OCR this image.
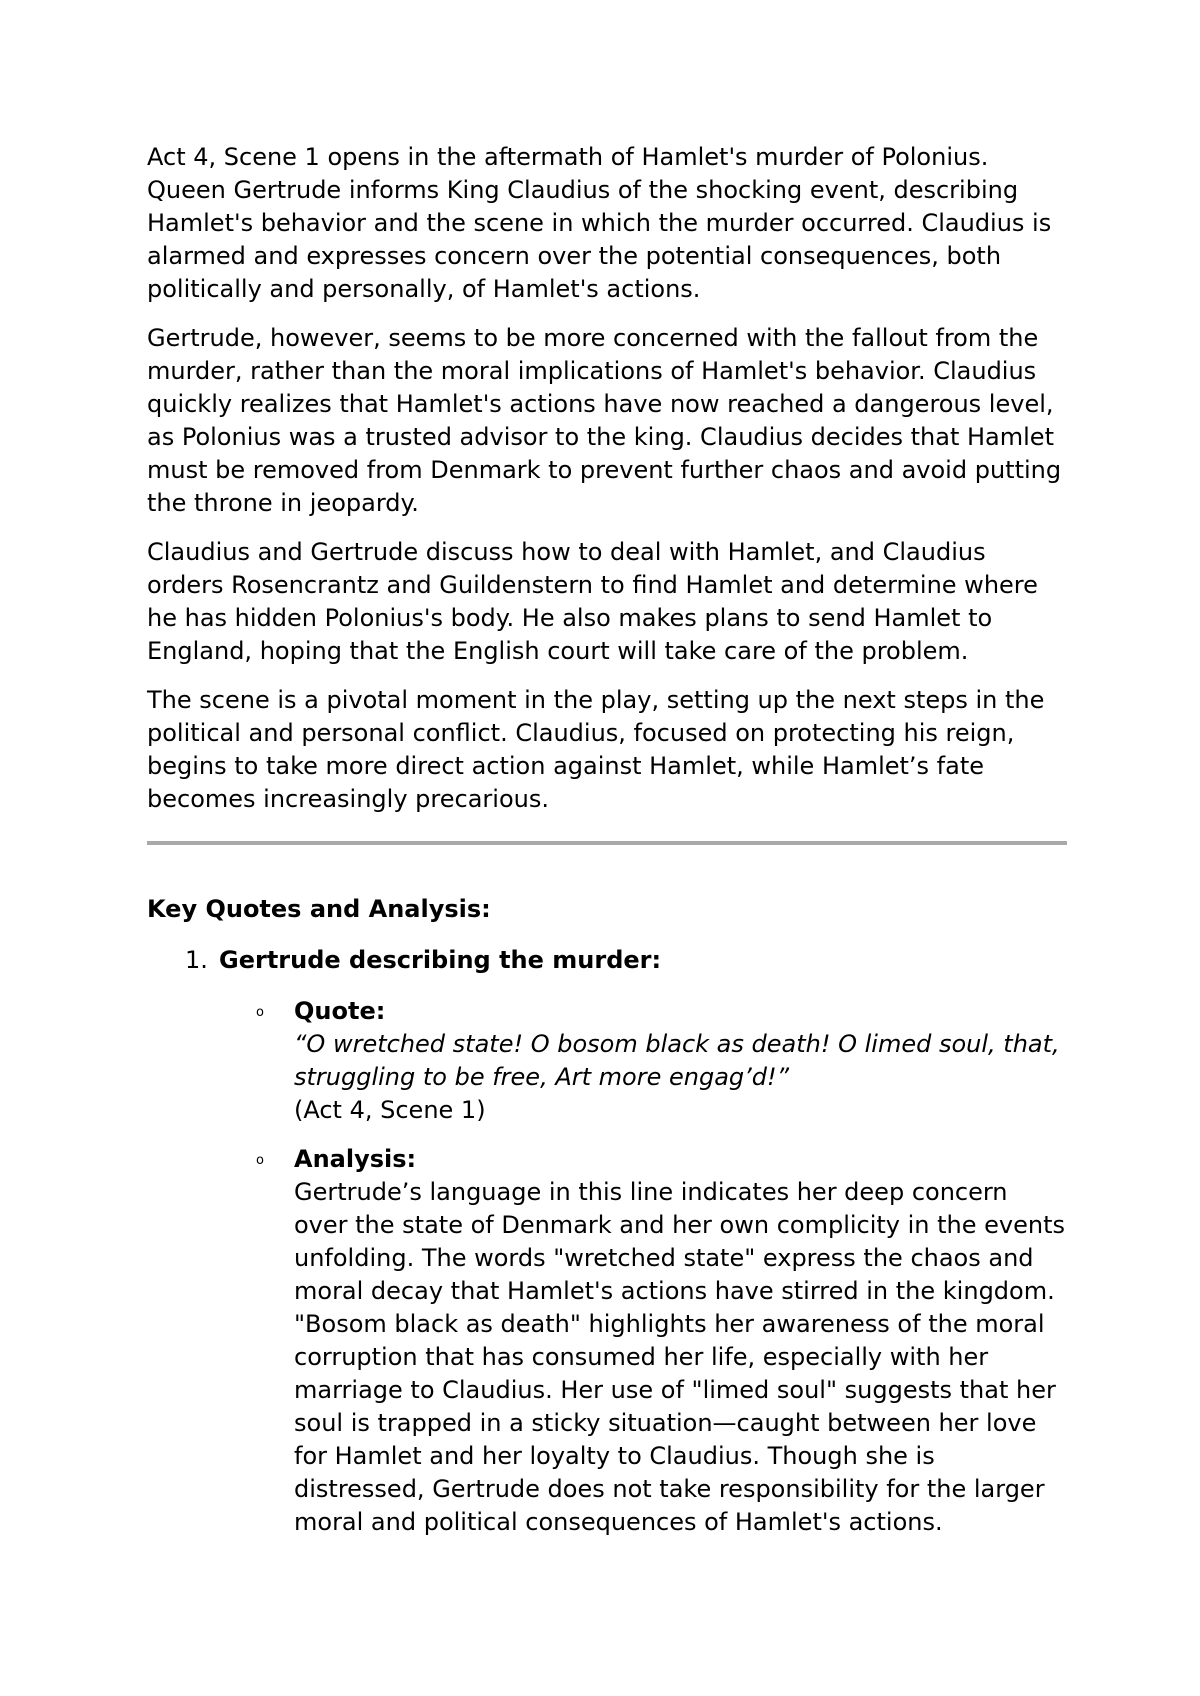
Act 4, Scene 1 opens in the aftermath of Hamlet's murder of Polonius. Queen Gertrude informs King Claudius of the shocking event, describing Hamlet's behavior and the scene in which the murder occurred. Claudius is alarmed and expresses concern over the potential consequences, both politically and personally, of Hamlet's actions.

Gertrude, however, seems to be more concerned with the fallout from the murder, rather than the moral implications of Hamlet's behavior. Claudius quickly realizes that Hamlet's actions have now reached a dangerous level, as Polonius was a trusted advisor to the king. Claudius decides that Hamlet must be removed from Denmark to prevent further chaos and avoid putting the throne in jeopardy.

Claudius and Gertrude discuss how to deal with Hamlet, and Claudius orders Rosencrantz and Guildenstern to find Hamlet and determine where he has hidden Polonius's body. He also makes plans to send Hamlet to England, hoping that the English court will take care of the problem.

The scene is a pivotal moment in the play, setting up the next steps in the political and personal conflict. Claudius, focused on protecting his reign, begins to take more direct action against Hamlet, while Hamlet’s fate becomes increasingly precarious.

Key Quotes and Analysis:
1. Gertrude describing the murder:
o Quote:
“O wretched state! O bosom black as death! O limed soul, that, struggling to be free, Art more engag’d!”
(Act 4, Scene 1)
o Analysis:
Gertrude’s language in this line indicates her deep concern over the state of Denmark and her own complicity in the events unfolding. The words "wretched state" express the chaos and moral decay that Hamlet's actions have stirred in the kingdom. "Bosom black as death" highlights her awareness of the moral corruption that has consumed her life, especially with her marriage to Claudius. Her use of "limed soul" suggests that her soul is trapped in a sticky situation—caught between her love for Hamlet and her loyalty to Claudius. Though she is distressed, Gertrude does not take responsibility for the larger moral and political consequences of Hamlet's actions.
